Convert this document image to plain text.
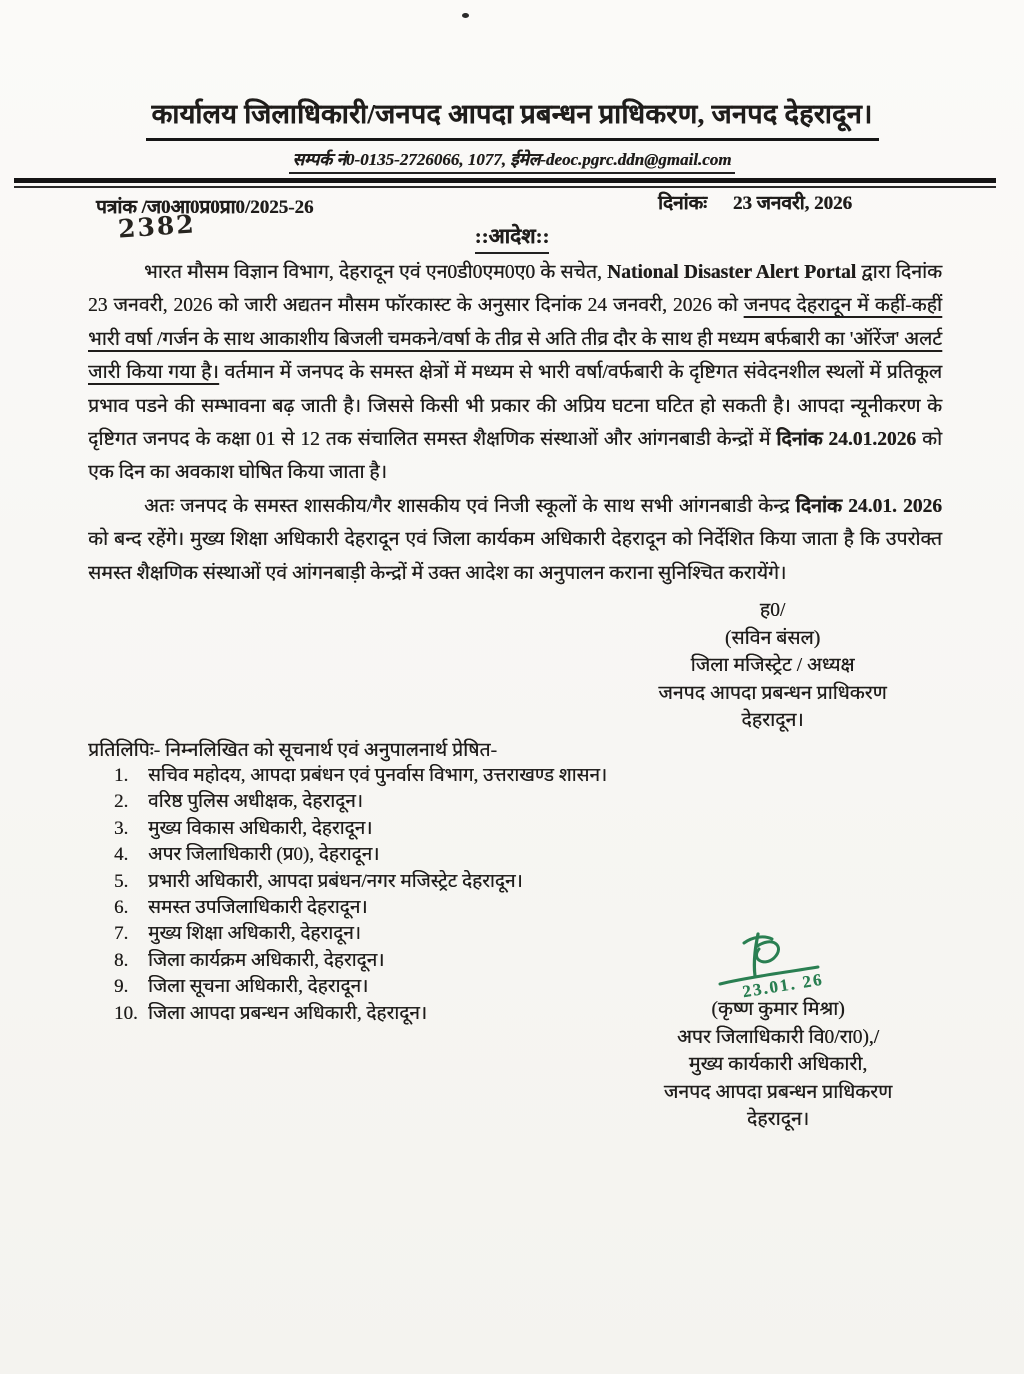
कार्यालय जिलाधिकारी/जनपद आपदा प्रबन्धन प्राधिकरण, जनपद देहरादून।
सम्पर्क नं0-0135-2726066, 1077, ईमेल-deoc.pgrc.ddn@gmail.com
पत्रांक /ज0आ0प्र0प्रा0/2025-26	दिनांकः 23 जनवरी, 2026
2382	::आदेश::

भारत मौसम विज्ञान विभाग, देहरादून एवं एन0डी0एम0ए0 के सचेत, National Disaster Alert Portal द्वारा दिनांक 23 जनवरी, 2026 को जारी अद्यतन मौसम फॉरकास्ट के अनुसार दिनांक 24 जनवरी, 2026 को जनपद देहरादून में कहीं-कहीं भारी वर्षा /गर्जन के साथ आकाशीय बिजली चमकने/वर्षा के तीव्र से अति तीव्र दौर के साथ ही मध्यम बर्फबारी का 'ऑरेंज' अलर्ट जारी किया गया है। वर्तमान में जनपद के समस्त क्षेत्रों में मध्यम से भारी वर्षा/वर्फबारी के दृष्टिगत संवेदनशील स्थलों में प्रतिकूल प्रभाव पडने की सम्भावना बढ़ जाती है। जिससे किसी भी प्रकार की अप्रिय घटना घटित हो सकती है। आपदा न्यूनीकरण के दृष्टिगत जनपद के कक्षा 01 से 12 तक संचालित समस्त शैक्षणिक संस्थाओं और आंगनबाडी केन्द्रों में दिनांक 24.01.2026 को एक दिन का अवकाश घोषित किया जाता है।

अतः जनपद के समस्त शासकीय/गैर शासकीय एवं निजी स्कूलों के साथ सभी आंगनबाडी केन्द्र दिनांक 24.01. 2026 को बन्द रहेंगे। मुख्य शिक्षा अधिकारी देहरादून एवं जिला कार्यकम अधिकारी देहरादून को निर्देशित किया जाता है कि उपरोक्त समस्त शैक्षणिक संस्थाओं एवं आंगनबाड़ी केन्द्रों में उक्त आदेश का अनुपालन कराना सुनिश्चित करायेंगे।

ह0/
(सविन बंसल)
जिला मजिस्ट्रेट / अध्यक्ष
जनपद आपदा प्रबन्धन प्राधिकरण
देहरादून।
प्रतिलिपिः- निम्नलिखित को सूचनार्थ एवं अनुपालनार्थ प्रेषित-
1.	सचिव महोदय, आपदा प्रबंधन एवं पुनर्वास विभाग, उत्तराखण्ड शासन।
2.	वरिष्ठ पुलिस अधीक्षक, देहरादून।
3.	मुख्य विकास अधिकारी, देहरादून।
4.	अपर जिलाधिकारी (प्र0), देहरादून।
5.	प्रभारी अधिकारी, आपदा प्रबंधन/नगर मजिस्ट्रेट देहरादून।
6.	समस्त उपजिलाधिकारी देहरादून।
7.	मुख्य शिक्षा अधिकारी, देहरादून।
8.	जिला कार्यक्रम अधिकारी, देहरादून।
9.	जिला सूचना अधिकारी, देहरादून।
10. जिला आपदा प्रबन्धन अधिकारी, देहरादून।
23.01. 26
(कृष्ण कुमार मिश्रा)
अपर जिलाधिकारी वि0/रा0),/
मुख्य कार्यकारी अधिकारी,
जनपद आपदा प्रबन्धन प्राधिकरण
देहरादून।
